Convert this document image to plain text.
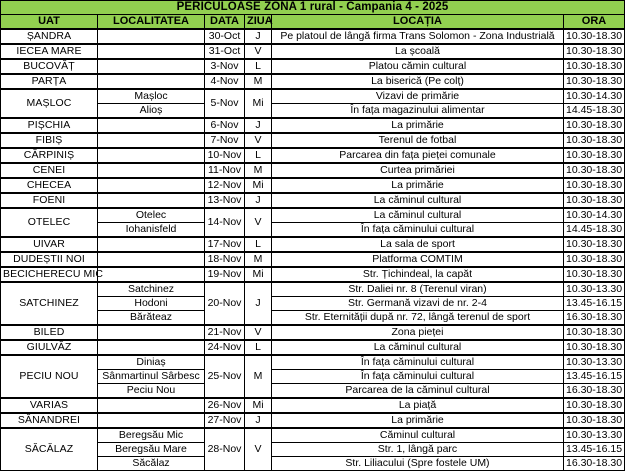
PERICULOASE ZONA 1 rural - Campania 4 - 2025					
UAT	LOCALITATEA	DATA	ZIUA	LOCAȚIA	ORA
ȘANDRA		30-Oct	J	Pe platoul de lângă firma Trans Solomon - Zona Industrială	10.30-18.30
IECEA MARE		31-Oct	V	La școală	10.30-18.30
BUCOVĂȚ		3-Nov	L	Platou cămin cultural	10.30-18.30
PARȚA		4-Nov	M	La biserică (Pe colț)	10.30-18.30
MAȘLOC	Mașloc	5-Nov	Mi	Vizavi de primărie	10.30-14.30
	Alioș			În fața magazinului alimentar	14.45-18.30
PIȘCHIA		6-Nov	J	La primărie	10.30-18.30
FIBIȘ		7-Nov	V	Terenul de fotbal	10.30-18.30
CĂRPINIȘ		10-Nov	L	Parcarea din fața pieței comunale	10.30-18.30
CENEI		11-Nov	M	Curtea primăriei	10.30-18.30
CHECEA		12-Nov	Mi	La primărie	10.30-18.30
FOENI		13-Nov	J	La căminul cultural	10.30-18.30
OTELEC	Otelec	14-Nov	V	La căminul cultural	10.30-14.30
	Iohanisfeld			În fața căminului cultural	14.45-18.30
UIVAR		17-Nov	L	La sala de sport	10.30-18.30
DUDEȘTII NOI		18-Nov	M	Platforma COMTIM	10.30-18.30
BECICHERECU MIC		19-Nov	Mi	Str. Țichindeal, la capăt	10.30-18.30
SATCHINEZ	Satchinez	20-Nov	J	Str. Daliei nr. 8 (Terenul viran)	10.30-13.30
	Hodoni			Str. Germană vizavi de nr. 2-4	13.45-16.15
	Bărăteaz			Str. Eternității după nr. 72, lângă terenul de sport	16.30-18.30
BILED		21-Nov	V	Zona pieței	10.30-18.30
GIULVĂZ		24-Nov	L	La căminul cultural	10.30-18.30
PECIU NOU	Diniaș	25-Nov	M	În fața căminului cultural	10.30-13.30
	Sânmartinul Sârbesc			În fața căminului cultural	13.45-16.15
	Peciu Nou			Parcarea de la căminul cultural	16.30-18.30
VARIAS		26-Nov	Mi	La piață	10.30-18.30
SĂNANDREI		27-Nov	J	La primărie	10.30-18.30
SĂCĂLAZ	Beregsău Mic	28-Nov	V	Căminul cultural	10.30-13.30
	Beregsău Mare			Str. 1, lângă parc	13.45-16.15
	Săcălaz			Str. Liliacului (Spre fostele UM)	16.30-18.30
